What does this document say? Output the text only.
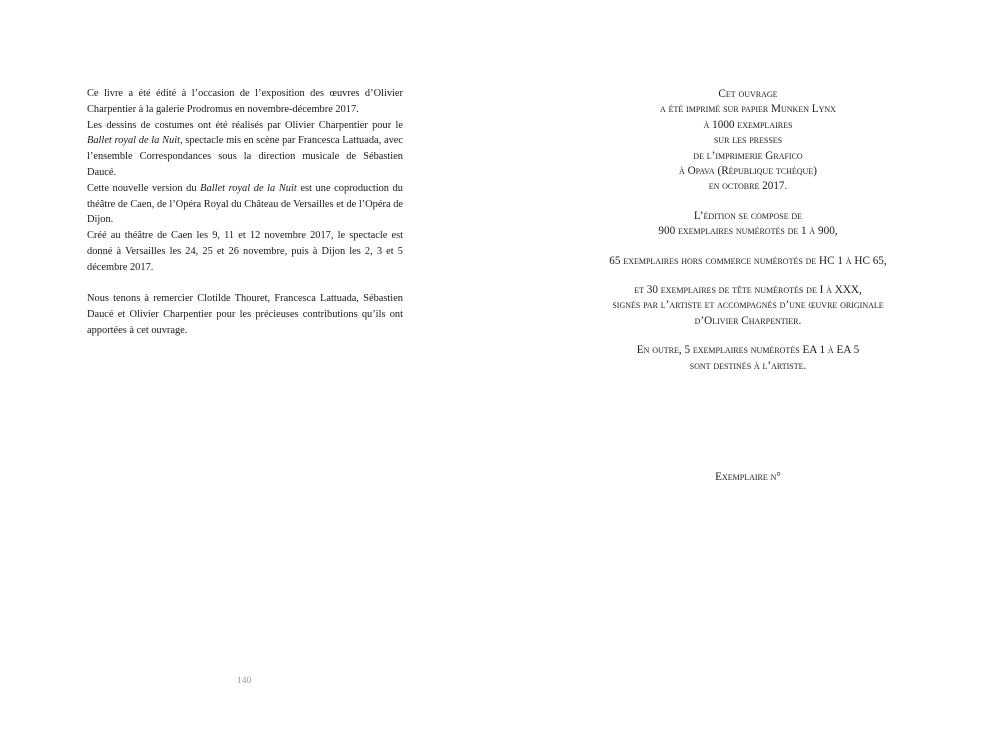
Ce livre a été édité à l’occasion de l’exposition des œuvres d’Olivier Charpentier à la galerie Prodromus en novembre-décembre 2017.

Les dessins de costumes ont été réalisés par Olivier Charpentier pour le Ballet royal de la Nuit, spectacle mis en scène par Francesca Lattuada, avec l’ensemble Correspondances sous la direction musicale de Sébastien Daucé.

Cette nouvelle version du Ballet royal de la Nuit est une coproduction du théâtre de Caen, de l’Opéra Royal du Château de Versailles et de l’Opéra de Dijon.

Créé au théâtre de Caen les 9, 11 et 12 novembre 2017, le spectacle est donné à Versailles les 24, 25 et 26 novembre, puis à Dijon les 2, 3 et 5 décembre 2017.

Nous tenons à remercier Clotilde Thouret, Francesca Lattuada, Sébastien Daucé et Olivier Charpentier pour les précieuses contributions qu’ils ont apportées à cet ouvrage.

140
Cet ouvrage
a été imprimé sur papier Munken Lynx
à 1000 exemplaires
sur les presses
de l’imprimerie Grafico
à Opava (République tchèque)
en octobre 2017.
L’édition se compose de
900 exemplaires numérotés de 1 à 900,
65 exemplaires hors commerce numérotés de HC 1 à HC 65,
et 30 exemplaires de tête numérotés de I à XXX,
signés par l’artiste et accompagnés d’une œuvre originale
d’Olivier Charpentier.
En outre, 5 exemplaires numérotés EA 1 à EA 5
sont destinés à l’artiste.
Exemplaire n°
